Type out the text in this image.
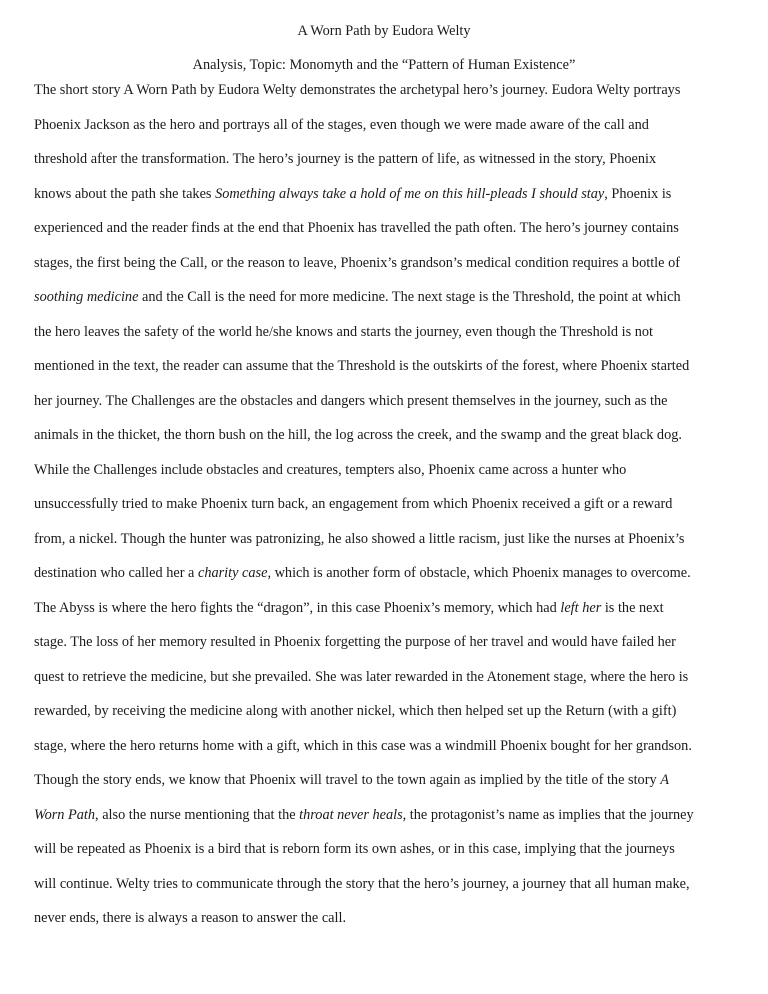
A Worn Path by Eudora Welty
Analysis, Topic: Monomyth and the “Pattern of Human Existence”
The short story A Worn Path by Eudora Welty demonstrates the archetypal hero’s journey. Eudora Welty portrays
Phoenix Jackson as the hero and portrays all of the stages, even though we were made aware of the call and
threshold after the transformation. The hero’s journey is the pattern of life, as witnessed in the story, Phoenix
knows about the path she takes Something always take a hold of me on this hill-pleads I should stay, Phoenix is
experienced and the reader finds at the end that Phoenix has travelled the path often. The hero’s journey contains
stages, the first being the Call, or the reason to leave, Phoenix’s grandson’s medical condition requires a bottle of
soothing medicine and the Call is the need for more medicine. The next stage is the Threshold, the point at which
the hero leaves the safety of the world he/she knows and starts the journey, even though the Threshold is not
mentioned in the text, the reader can assume that the Threshold is the outskirts of the forest, where Phoenix started
her journey. The Challenges are the obstacles and dangers which present themselves in the journey, such as the
animals in the thicket, the thorn bush on the hill, the log across the creek, and the swamp and the great black dog.
While the Challenges include obstacles and creatures, tempters also, Phoenix came across a hunter who
unsuccessfully tried to make Phoenix turn back, an engagement from which Phoenix received a gift or a reward
from, a nickel. Though the hunter was patronizing, he also showed a little racism, just like the nurses at Phoenix’s
destination who called her a charity case, which is another form of obstacle, which Phoenix manages to overcome.
The Abyss is where the hero fights the “dragon”, in this case Phoenix’s memory, which had left her is the next
stage. The loss of her memory resulted in Phoenix forgetting the purpose of her travel and would have failed her
quest to retrieve the medicine, but she prevailed. She was later rewarded in the Atonement stage, where the hero is
rewarded, by receiving the medicine along with another nickel, which then helped set up the Return (with a gift)
stage, where the hero returns home with a gift, which in this case was a windmill Phoenix bought for her grandson.
Though the story ends, we know that Phoenix will travel to the town again as implied by the title of the story A
Worn Path, also the nurse mentioning that the throat never heals, the protagonist’s name as implies that the journey
will be repeated as Phoenix is a bird that is reborn form its own ashes, or in this case, implying that the journeys
will continue. Welty tries to communicate through the story that the hero’s journey, a journey that all human make,
never ends, there is always a reason to answer the call.
